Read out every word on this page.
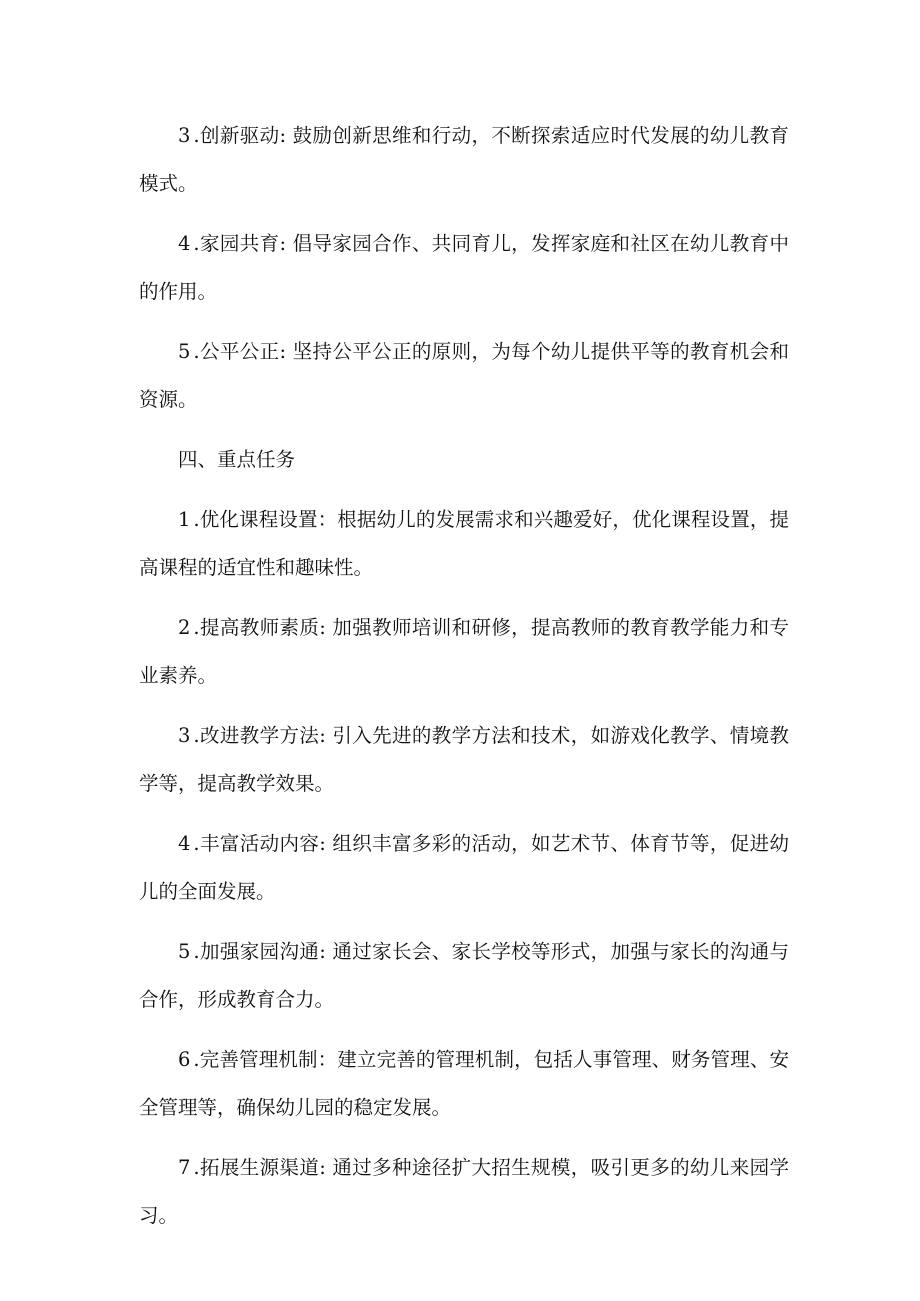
3.创新驱动: 鼓励创新思维和行动，不断探索适应时代发展的幼儿教育模式。

4.家园共育: 倡导家园合作、共同育儿，发挥家庭和社区在幼儿教育中的作用。

5.公平公正: 坚持公平公正的原则，为每个幼儿提供平等的教育机会和资源。

四、重点任务

1.优化课程设置：根据幼儿的发展需求和兴趣爱好，优化课程设置，提高课程的适宜性和趣味性。

2.提高教师素质: 加强教师培训和研修，提高教师的教育教学能力和专业素养。

3.改进教学方法: 引入先进的教学方法和技术，如游戏化教学、情境教学等，提高教学效果。

4.丰富活动内容: 组织丰富多彩的活动，如艺术节、体育节等，促进幼儿的全面发展。

5.加强家园沟通: 通过家长会、家长学校等形式，加强与家长的沟通与合作，形成教育合力。

6.完善管理机制：建立完善的管理机制，包括人事管理、财务管理、安全管理等，确保幼儿园的稳定发展。

7.拓展生源渠道: 通过多种途径扩大招生规模，吸引更多的幼儿来园学习。
